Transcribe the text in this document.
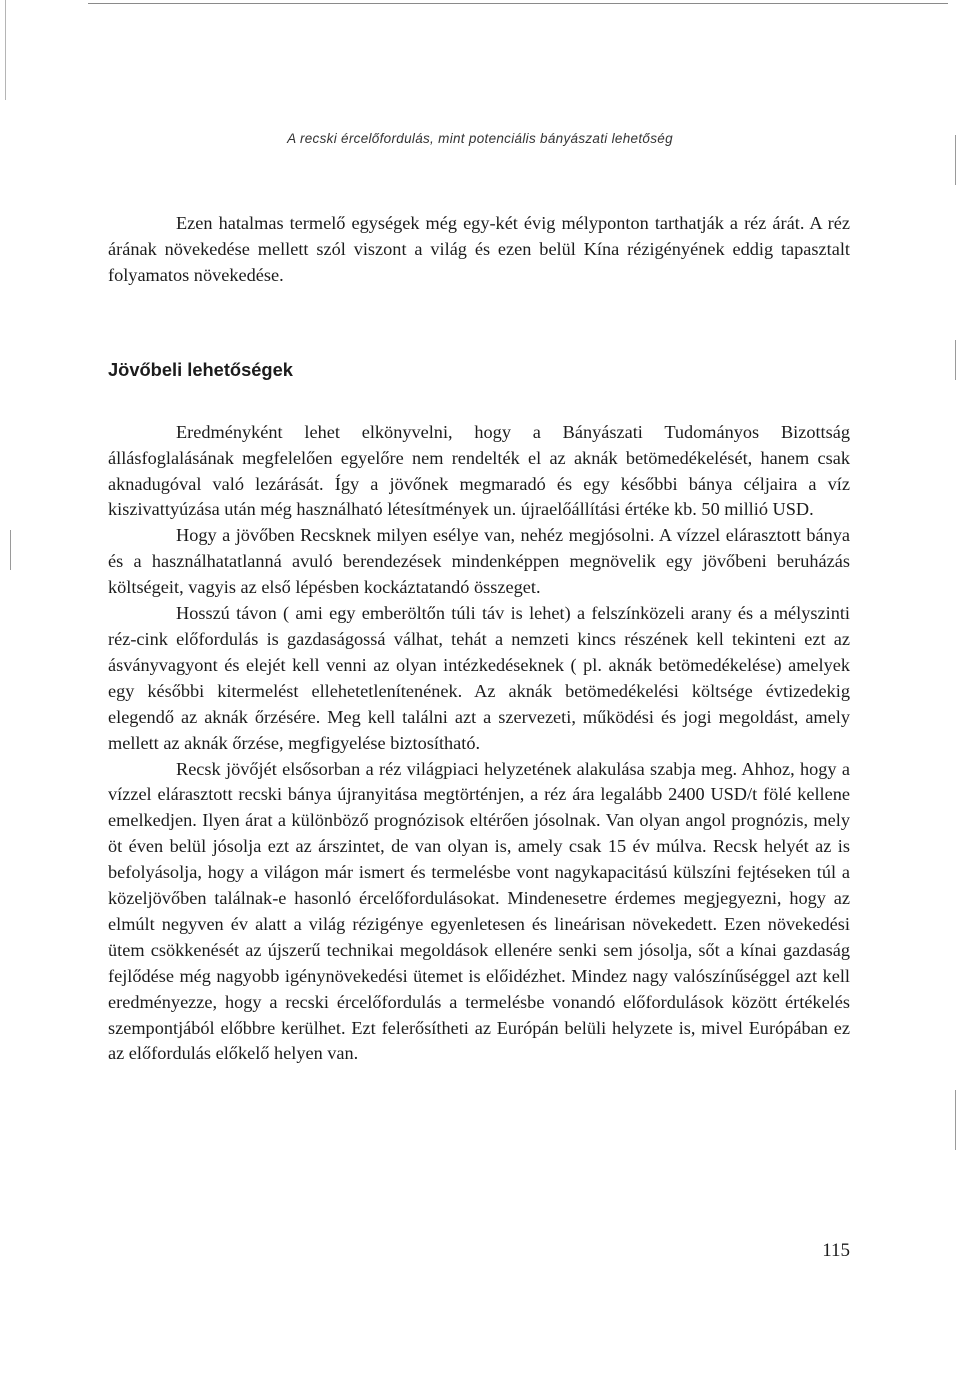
A recski ércelőfordulás, mint potenciális bányászati lehetőség

Ezen hatalmas termelő egységek még egy-két évig mélyponton tarthatják a réz árát. A réz árának növekedése mellett szól viszont a világ és ezen belül Kína rézigényének eddig tapasztalt folyamatos növekedése.

Jövőbeli lehetőségek

Eredményként lehet elkönyvelni, hogy a Bányászati Tudományos Bizottság állásfoglalásának megfelelően egyelőre nem rendelték el az aknák betömedékelését, hanem csak aknadugóval való lezárását. Így a jövőnek megmaradó és egy későbbi bánya céljaira a víz kiszivattyúzása után még használható létesítmények un. újraelőállítási értéke kb. 50 millió USD.

Hogy a jövőben Recsknek milyen esélye van, nehéz megjósolni. A vízzel elárasztott bánya és a használhatatlanná avuló berendezések mindenképpen megnövelik egy jövőbeni beruházás költségeit, vagyis az első lépésben kockáztatandó összeget.

Hosszú távon ( ami egy emberöltőn túli táv is lehet) a felszínközeli arany és a mélyszinti réz-cink előfordulás is gazdaságossá válhat, tehát a nemzeti kincs részének kell tekinteni ezt az ásványvagyont és elejét kell venni az olyan intézkedéseknek ( pl. aknák betömedékelése) amelyek egy későbbi kitermelést ellehetetlenítenének. Az aknák betömedékelési költsége évtizedekig elegendő az aknák őrzésére. Meg kell találni azt a szervezeti, működési és jogi megoldást, amely mellett az aknák őrzése, megfigyelése biztosítható.

Recsk jövőjét elsősorban a réz világpiaci helyzetének alakulása szabja meg. Ahhoz, hogy a vízzel elárasztott recski bánya újranyitása megtörténjen, a réz ára legalább 2400 USD/t fölé kellene emelkedjen. Ilyen árat a különböző prognózisok eltérően jósolnak. Van olyan angol prognózis, mely öt éven belül jósolja ezt az árszintet, de van olyan is, amely csak 15 év múlva. Recsk helyét az is befolyásolja, hogy a világon már ismert és termelésbe vont nagykapacitású külszíni fejtéseken túl a közeljövőben találnak-e hasonló ércelőfordulásokat. Mindenesetre érdemes megjegyezni, hogy az elmúlt negyven év alatt a világ rézigénye egyenletesen és lineárisan növekedett. Ezen növekedési ütem csökkenését az újszerű technikai megoldások ellenére senki sem jósolja, sőt a kínai gazdaság fejlődése még nagyobb igénynövekedési ütemet is előidézhet. Mindez nagy valószínűséggel azt kell eredményezze, hogy a recski ércelőfordulás a termelésbe vonandó előfordulások között értékelés szempontjából előbbre kerülhet. Ezt felerősítheti az Európán belüli helyzete is, mivel Európában ez az előfordulás előkelő helyen van.

115
